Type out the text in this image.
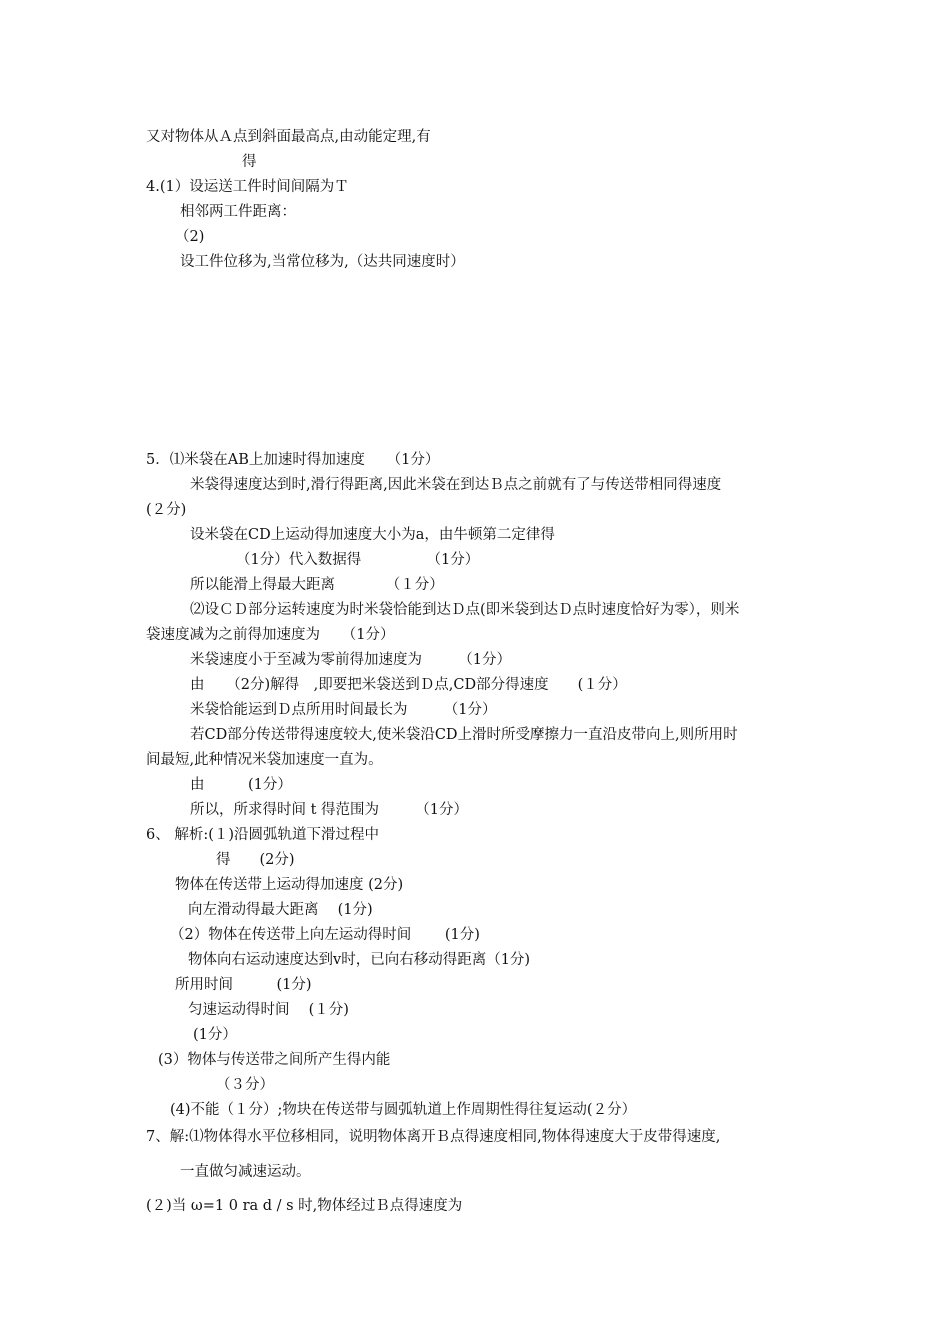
又对物体从Ａ点到斜面最高点,由动能定理,有
得
4.(1）设运送工件时间间隔为Ｔ
相邻两工件距离：
（2)
设工件位移为,当常位移为,（达共同速度时）
5．⑴米袋在AB上加速时得加速度　　（1分）
米袋得速度达到时,滑行得距离,因此米袋在到达Ｂ点之前就有了与传送带相同得速度
(２分)
设米袋在CD上运动得加速度大小为a，由牛顿第二定律得
（1分）代入数据得　　　　　（1分）
所以能滑上得最大距离　　　　（１分）
⑵设ＣＤ部分运转速度为时米袋恰能到达Ｄ点(即米袋到达Ｄ点时速度恰好为零），则米
袋速度减为之前得加速度为　　（1分）
米袋速度小于至减为零前得加速度为　　　（1分）
由　　（2分)解得　,即要把米袋送到Ｄ点,CD部分得速度　　(１分）
米袋恰能运到Ｄ点所用时间最长为　　　（1分）
若CD部分传送带得速度较大,使米袋沿CD上滑时所受摩擦力一直沿皮带向上,则所用时
间最短,此种情况米袋加速度一直为。
由　　　(1分）
所以，所求得时间 t 得范围为　　　（1分）
6、 解析:(１)沿圆弧轨道下滑过程中
得　　(2分)
物体在传送带上运动得加速度 (2分)
向左滑动得最大距离　 (1分)
（2）物体在传送带上向左运动得时间　　 (1分)
物体向右运动速度达到v时，已向右移动得距离（1分)
所用时间　　　(1分)
匀速运动得时间　 (１分)
(1分）
(3）物体与传送带之间所产生得内能
（３分）
(4)不能（１分）;物块在传送带与圆弧轨道上作周期性得往复运动(２分）
7、解:⑴物体得水平位移相同，说明物体离开Ｂ点得速度相同,物体得速度大于皮带得速度,
一直做匀减速运动。
(２)当 ω=1 0 ra d / s 时,物体经过Ｂ点得速度为
